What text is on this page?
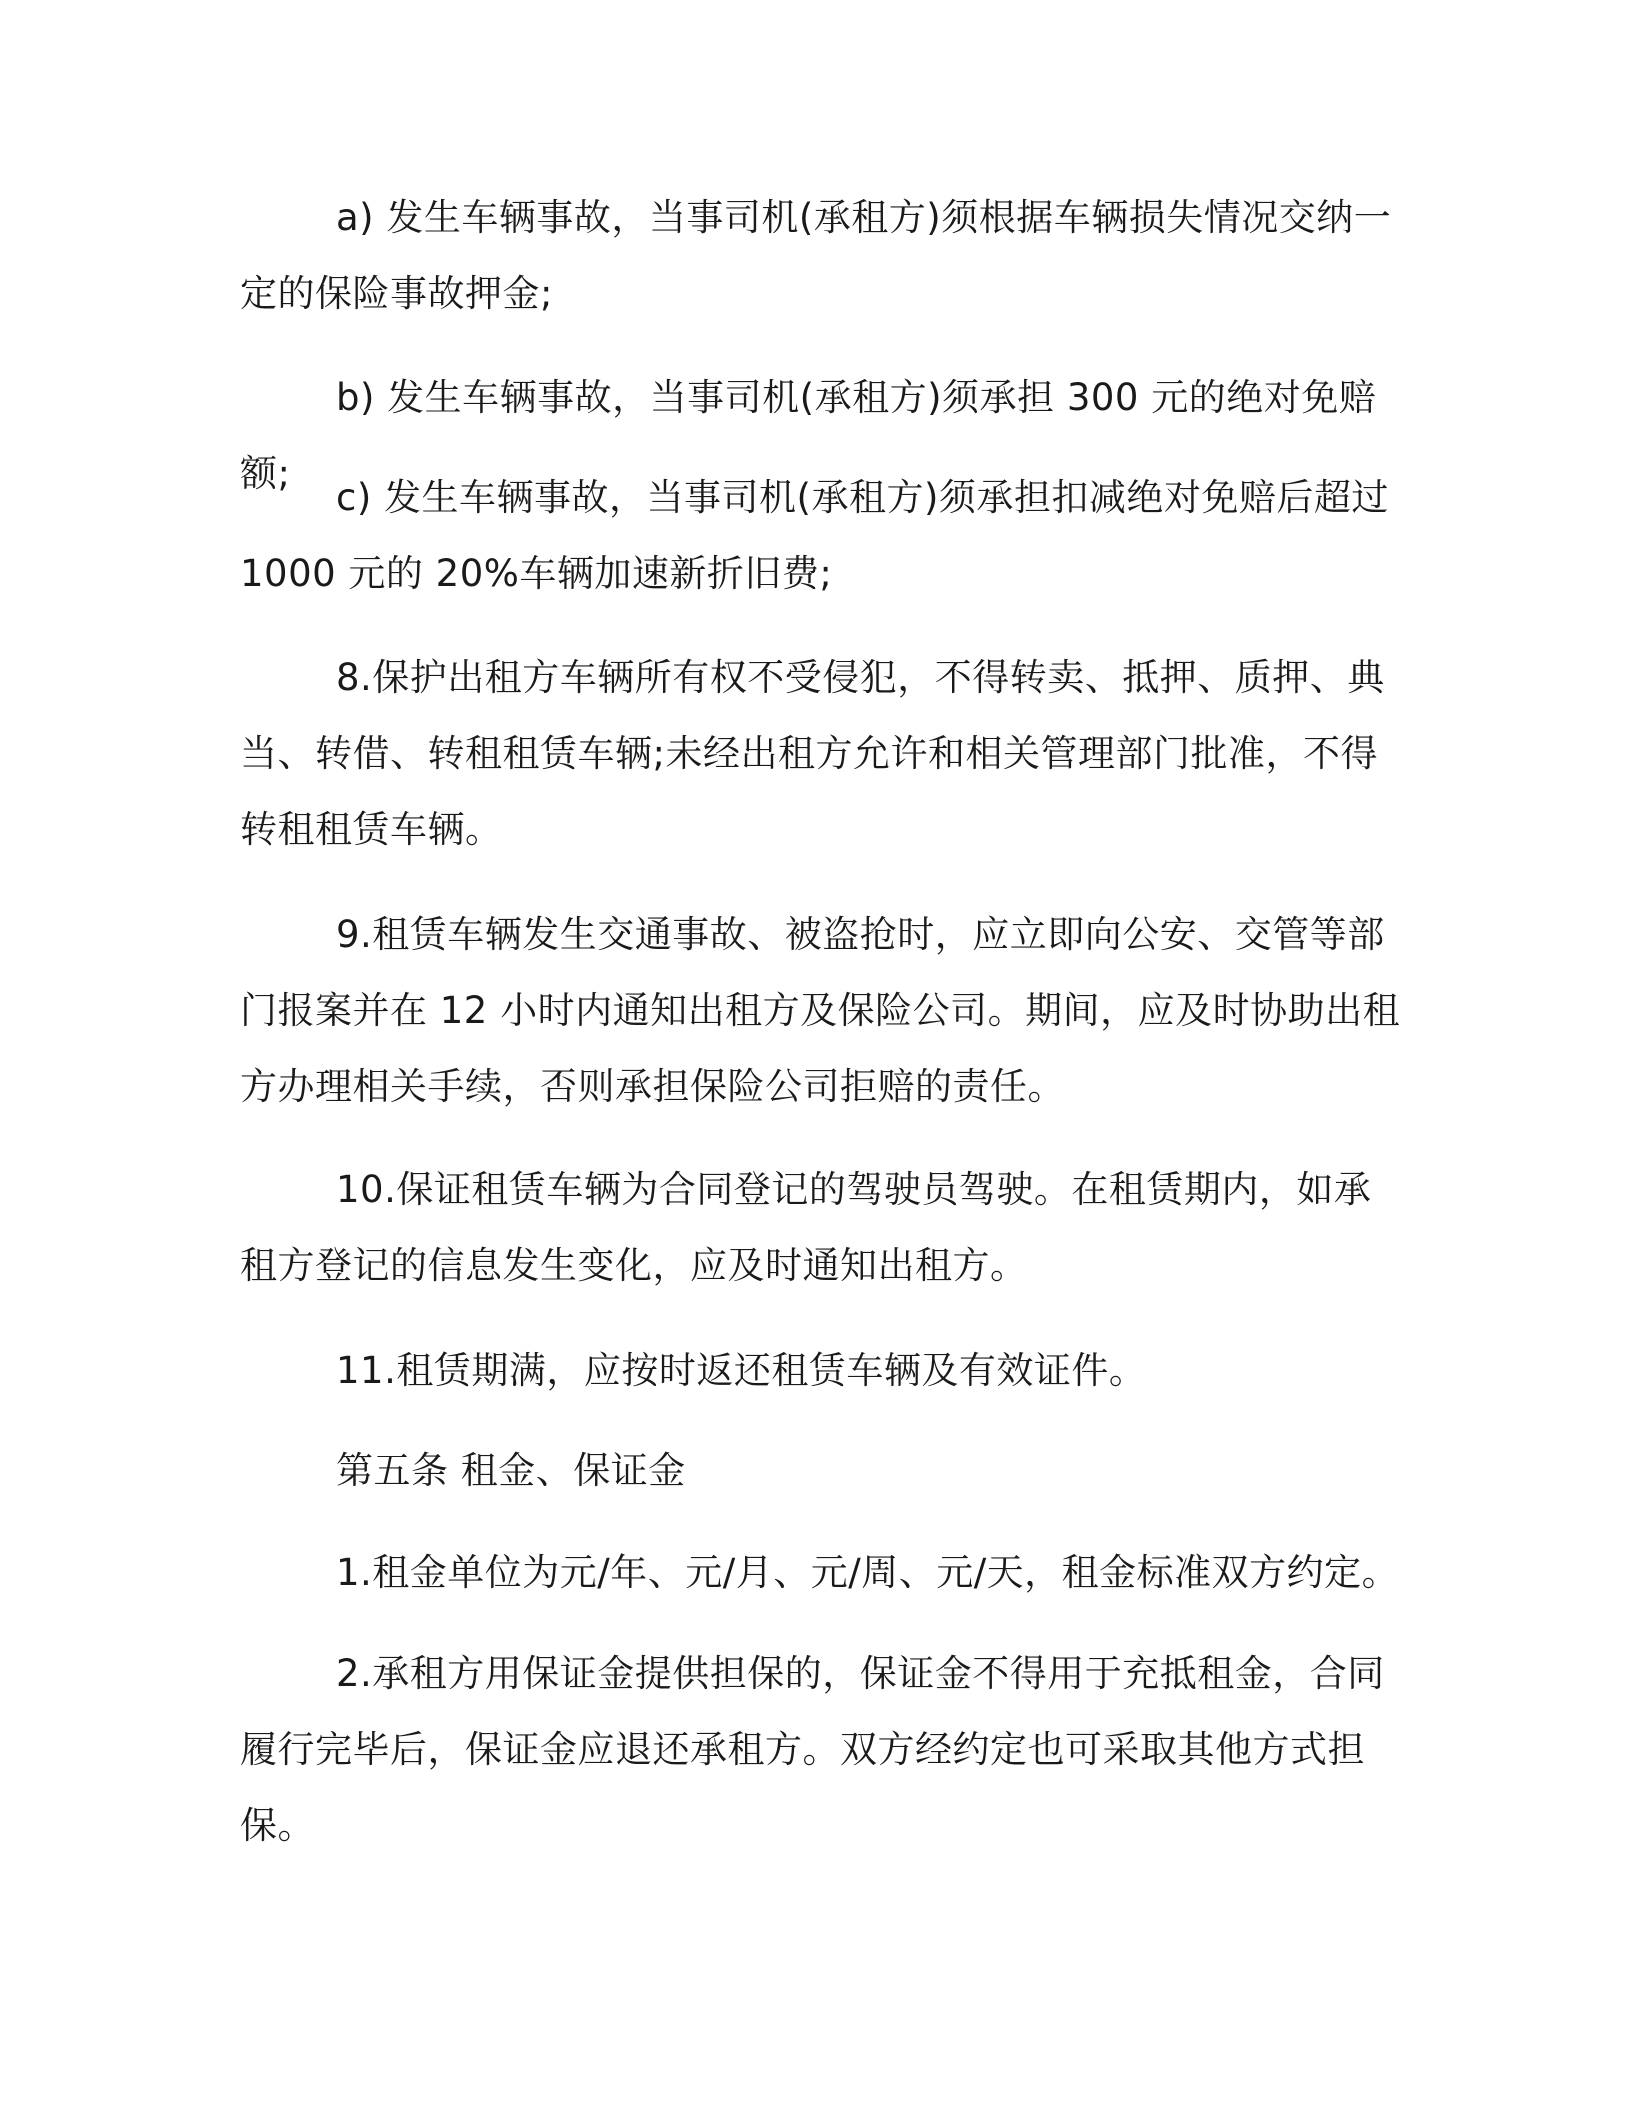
a) 发生车辆事故，当事司机(承租方)须根据车辆损失情况交纳一定的保险事故押金;

b) 发生车辆事故，当事司机(承租方)须承担 300 元的绝对免赔额;

c) 发生车辆事故，当事司机(承租方)须承担扣减绝对免赔后超过 1000 元的 20%车辆加速新折旧费;

8.保护出租方车辆所有权不受侵犯，不得转卖、抵押、质押、典当、转借、转租租赁车辆;未经出租方允许和相关管理部门批准，不得转租租赁车辆。

9.租赁车辆发生交通事故、被盗抢时，应立即向公安、交管等部门报案并在 12 小时内通知出租方及保险公司。期间，应及时协助出租方办理相关手续，否则承担保险公司拒赔的责任。

10.保证租赁车辆为合同登记的驾驶员驾驶。在租赁期内，如承租方登记的信息发生变化，应及时通知出租方。

11.租赁期满，应按时返还租赁车辆及有效证件。

第五条 租金、保证金

1.租金单位为元/年、元/月、元/周、元/天，租金标准双方约定。

2.承租方用保证金提供担保的，保证金不得用于充抵租金，合同履行完毕后，保证金应退还承租方。双方经约定也可采取其他方式担保。
